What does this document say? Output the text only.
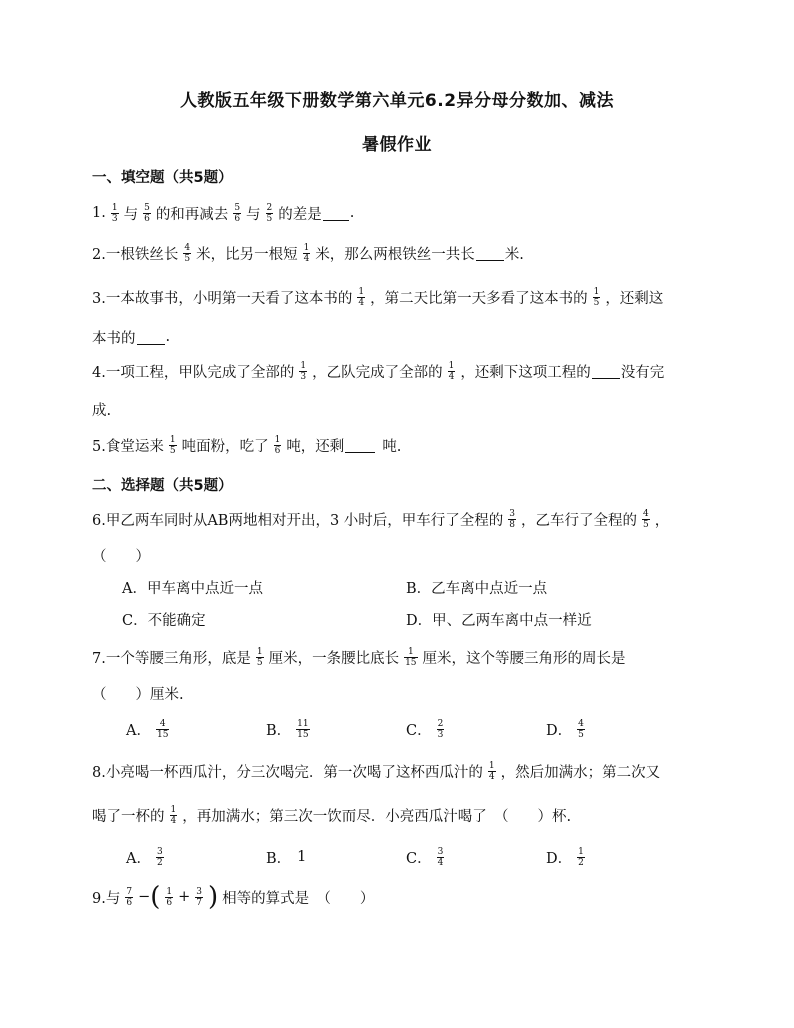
人教版五年级下册数学第六单元6.2异分母分数加、减法
暑假作业
一、填空题（共5题）
1. $\frac{1}{3}$ 与 $\frac{5}{6}$ 的和再减去 $\frac{5}{6}$ 与 $\frac{2}{5}$ 的差是 .
2.一根铁丝长 $\frac{4}{5}$ 米，比另一根短 $\frac{1}{4}$ 米，那么两根铁丝一共长 米.
3.一本故事书，小明第一天看了这本书的 $\frac{1}{4}$ ，第二天比第一天多看了这本书的 $\frac{1}{5}$ ，还剩这
本书的 .
4.一项工程，甲队完成了全部的 $\frac{1}{3}$ ，乙队完成了全部的 $\frac{1}{4}$ ，还剩下这项工程的 没有完
成.
5.食堂运来 $\frac{1}{5}$ 吨面粉，吃了 $\frac{1}{6}$ 吨，还剩	吨.
二、选择题（共5题）
6.甲乙两车同时从AB两地相对开出，3 小时后，甲车行了全程的 $\frac{3}{8}$ ，乙车行了全程的 $\frac{4}{5}$ ，
（　　）
A．甲车离中点近一点	B．乙车离中点近一点
C．不能确定	D．甲、乙两车离中点一样近
7.一个等腰三角形，底是 $\frac{1}{5}$ 厘米，一条腰比底长 $\frac{1}{15}$ 厘米，这个等腰三角形的周长是
（　　）厘米.
A． $\frac{4}{15}$	B． $\frac{11}{15}$	C． $\frac{2}{3}$	D． $\frac{4}{5}$
8.小亮喝一杯西瓜汁，分三次喝完．第一次喝了这杯西瓜汁的 $\frac{1}{4}$ ，然后加满水；第二次又
喝了一杯的 $\frac{1}{4}$ ，再加满水；第三次一饮而尽．小亮西瓜汁喝了　（　　）杯.
A． $\frac{3}{2}$	B． 1	C． $\frac{3}{4}$	D． $\frac{1}{2}$
9.与 $\frac{7}{6}$ − ( $\frac{1}{6} + \frac{3}{7}$ ) 相等的算式是　（　　）
